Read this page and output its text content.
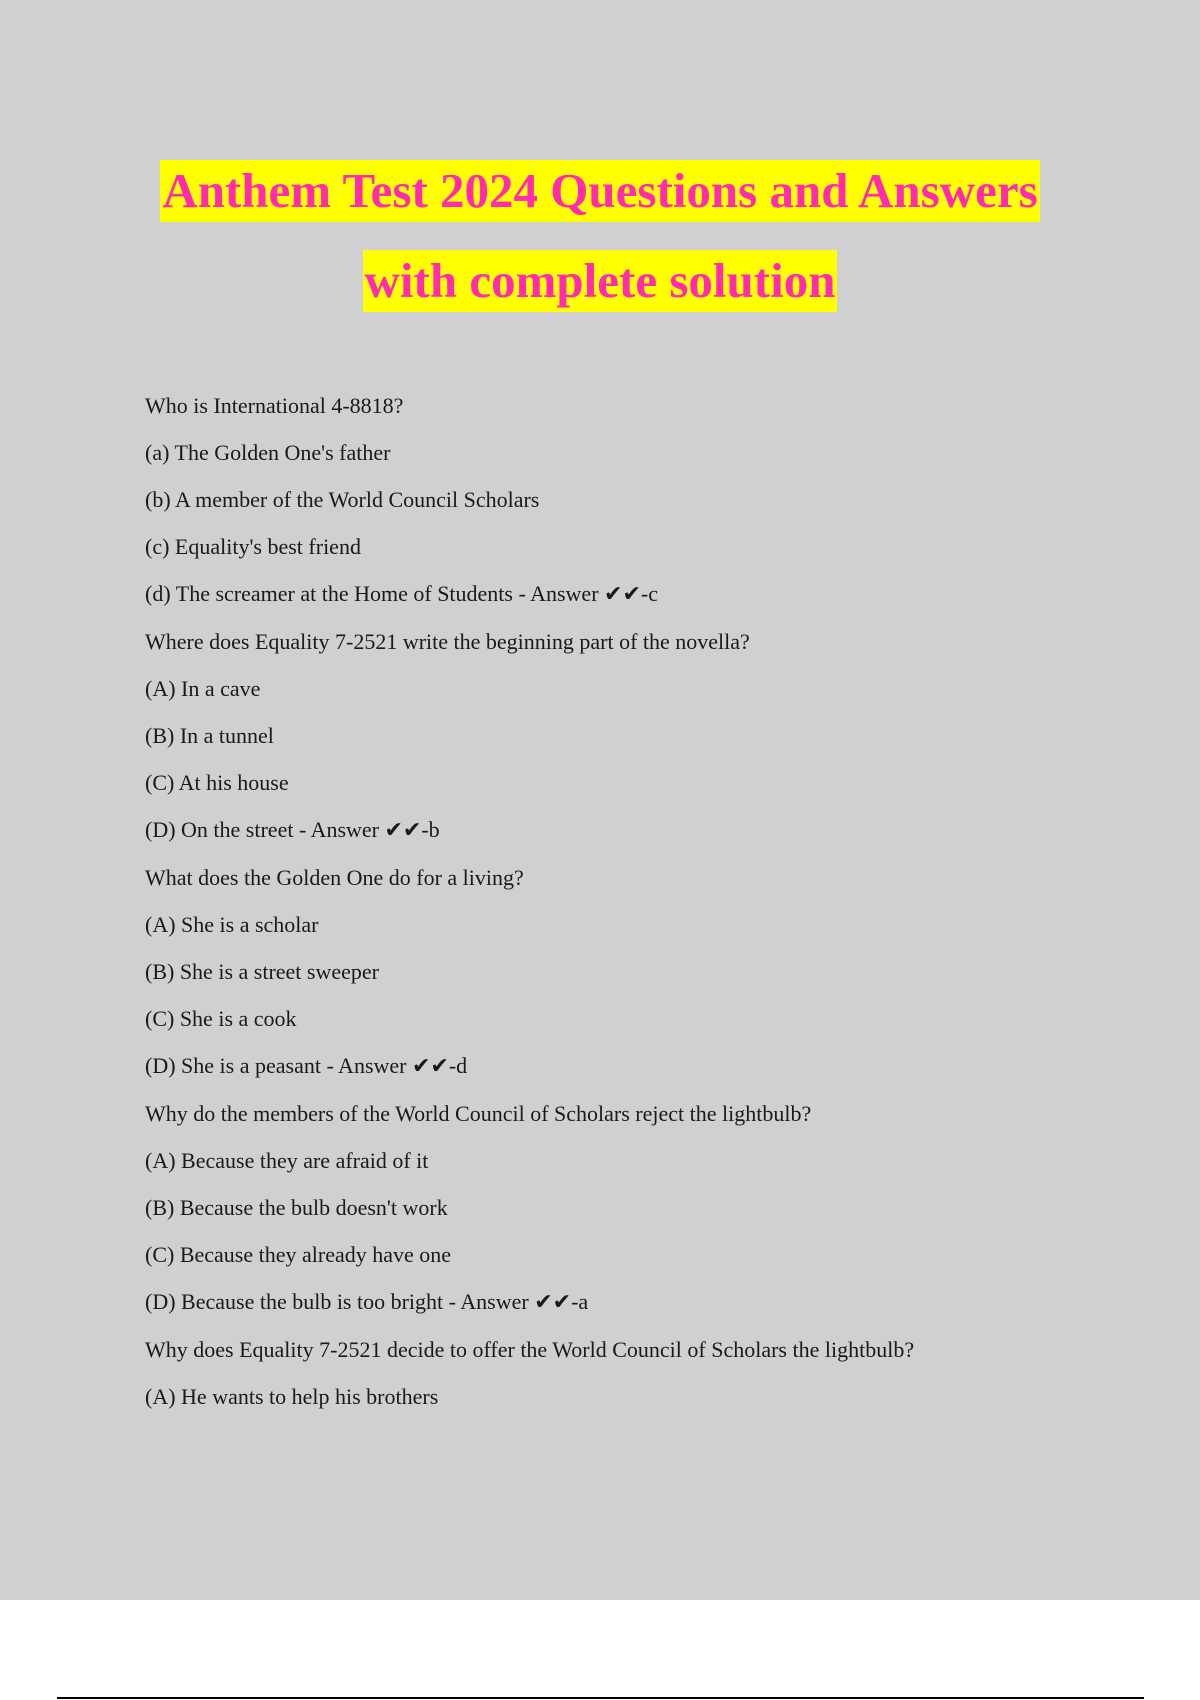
Anthem Test 2024 Questions and Answers
with complete solution
Who is International 4-8818?
(a) The Golden One's father
(b) A member of the World Council Scholars
(c) Equality's best friend
(d) The screamer at the Home of Students - Answer ✔✔-c
Where does Equality 7-2521 write the beginning part of the novella?
(A) In a cave
(B) In a tunnel
(C) At his house
(D) On the street - Answer ✔✔-b
What does the Golden One do for a living?
(A) She is a scholar
(B) She is a street sweeper
(C) She is a cook
(D) She is a peasant - Answer ✔✔-d
Why do the members of the World Council of Scholars reject the lightbulb?
(A) Because they are afraid of it
(B) Because the bulb doesn't work
(C) Because they already have one
(D) Because the bulb is too bright - Answer ✔✔-a
Why does Equality 7-2521 decide to offer the World Council of Scholars the lightbulb?
(A) He wants to help his brothers
